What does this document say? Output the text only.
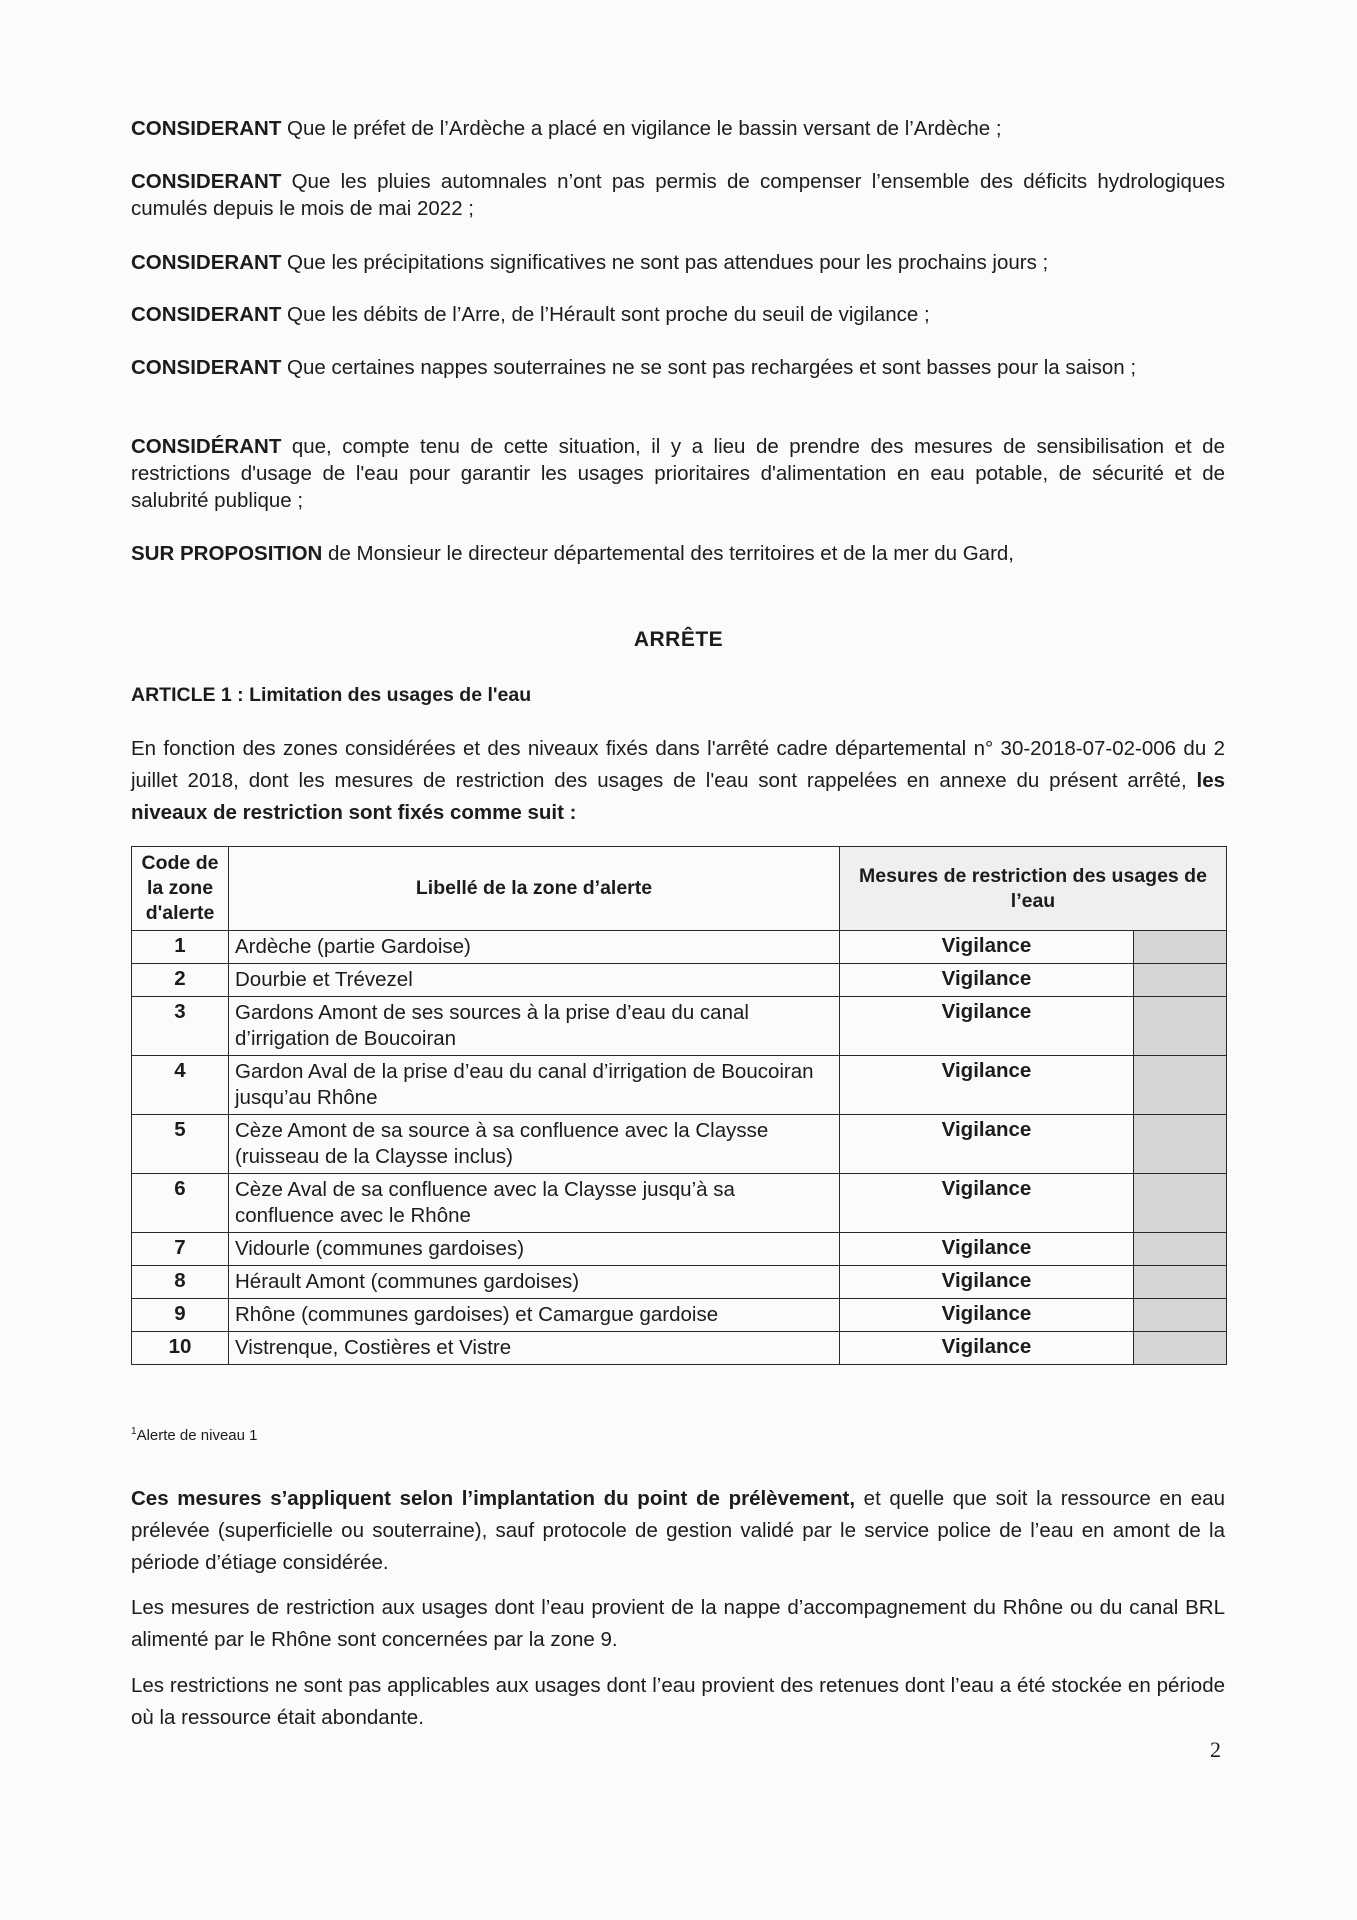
CONSIDERANT Que le préfet de l’Ardèche a placé en vigilance le bassin versant de l’Ardèche ;

CONSIDERANT Que les pluies automnales n’ont pas permis de compenser l’ensemble des déficits hydrologiques cumulés depuis le mois de mai 2022 ;

CONSIDERANT Que les précipitations significatives ne sont pas attendues pour les prochains jours ;

CONSIDERANT Que les débits de l’Arre, de l’Hérault sont proche du seuil de vigilance ;

CONSIDERANT Que certaines nappes souterraines ne se sont pas rechargées et sont basses pour la saison ;

CONSIDÉRANT que, compte tenu de cette situation, il y a lieu de prendre des mesures de sensibilisation et de restrictions d'usage de l'eau pour garantir les usages prioritaires d'alimentation en eau potable, de sécurité et de salubrité publique ;

SUR PROPOSITION de Monsieur le directeur départemental des territoires et de la mer du Gard,

ARRÊTE
ARTICLE 1 : Limitation des usages de l'eau

En fonction des zones considérées et des niveaux fixés dans l'arrêté cadre départemental n° 30-2018-07-02-006 du 2 juillet 2018, dont les mesures de restriction des usages de l'eau sont rappelées en annexe du présent arrêté, les niveaux de restriction sont fixés comme suit :

Code de la zone d'alerte	Libellé de la zone d’alerte	Mesures de restriction des usages de l’eau	
1	Ardèche (partie Gardoise)	Vigilance	
2	Dourbie et Trévezel	Vigilance	
3	Gardons Amont de ses sources à la prise d’eau du canal d’irrigation de Boucoiran	Vigilance	
4	Gardon Aval de la prise d’eau du canal d’irrigation de Boucoiran jusqu’au Rhône	Vigilance	
5	Cèze Amont de sa source à sa confluence avec la Claysse (ruisseau de la Claysse inclus)	Vigilance	
6	Cèze Aval de sa confluence avec la Claysse jusqu’à sa confluence avec le Rhône	Vigilance	
7	Vidourle (communes gardoises)	Vigilance	
8	Hérault Amont (communes gardoises)	Vigilance	
9	Rhône (communes gardoises) et Camargue gardoise	Vigilance	
10	Vistrenque, Costières et Vistre	Vigilance	
$^1$Alerte de niveau 1

Ces mesures s’appliquent selon l’implantation du point de prélèvement, et quelle que soit la ressource en eau prélevée (superficielle ou souterraine), sauf protocole de gestion validé par le service police de l’eau en amont de la période d’étiage considérée.

Les mesures de restriction aux usages dont l’eau provient de la nappe d’accompagnement du Rhône ou du canal BRL alimenté par le Rhône sont concernées par la zone 9.

Les restrictions ne sont pas applicables aux usages dont l’eau provient des retenues dont l’eau a été stockée en période où la ressource était abondante.

2
